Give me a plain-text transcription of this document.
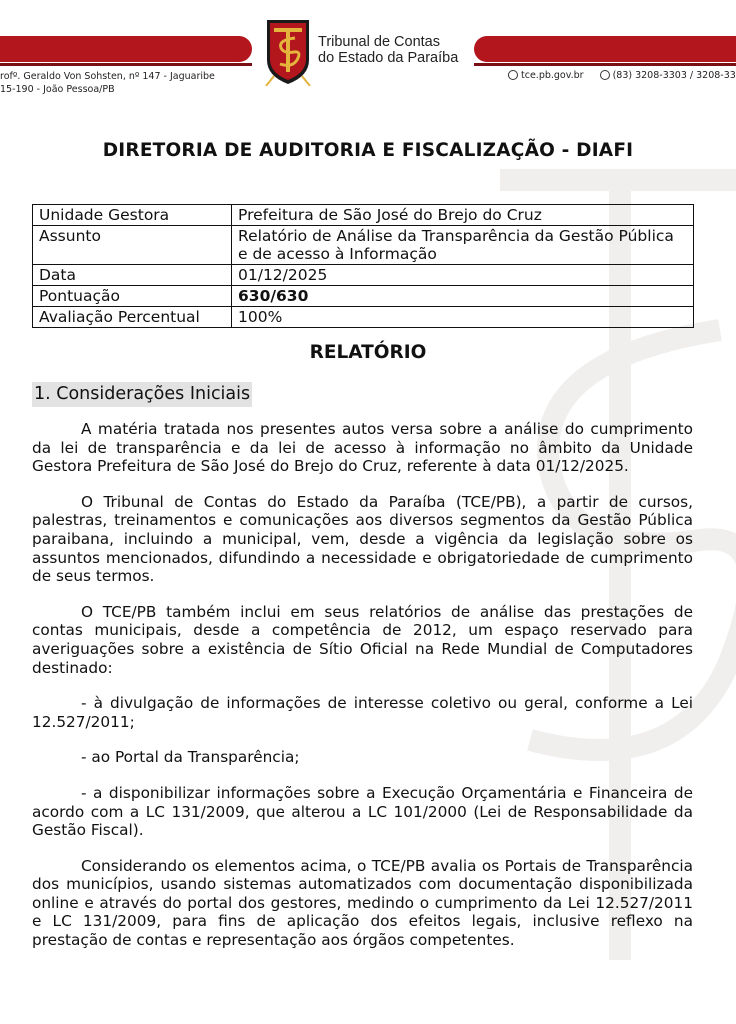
Tribunal de Contas
do Estado da Paraíba
rofº. Geraldo Von Sohsten, nº 147 - Jaguaribe
15-190 - João Pessoa/PB
tce.pb.gov.br	(83) 3208-3303 / 3208-33
DIRETORIA DE AUDITORIA E FISCALIZAÇÃO - DIAFI
Unidade Gestora	Prefeitura de São José do Brejo do Cruz
Assunto	Relatório de Análise da Transparência da Gestão Pública e de acesso à Informação
Data	01/12/2025
Pontuação	630/630
Avaliação Percentual	100%
RELATÓRIO
1. Considerações Iniciais

A matéria tratada nos presentes autos versa sobre a análise do cumprimento da lei de transparência e da lei de acesso à informação no âmbito da Unidade Gestora Prefeitura de São José do Brejo do Cruz, referente à data 01/12/2025.

O Tribunal de Contas do Estado da Paraíba (TCE/PB), a partir de cursos, palestras, treinamentos e comunicações aos diversos segmentos da Gestão Pública paraibana, incluindo a municipal, vem, desde a vigência da legislação sobre os assuntos mencionados, difundindo a necessidade e obrigatoriedade de cumprimento de seus termos.

O TCE/PB também inclui em seus relatórios de análise das prestações de contas municipais, desde a competência de 2012, um espaço reservado para averiguações sobre a existência de Sítio Oficial na Rede Mundial de Computadores destinado:

- à divulgação de informações de interesse coletivo ou geral, conforme a Lei 12.527/2011;

- ao Portal da Transparência;

- a disponibilizar informações sobre a Execução Orçamentária e Financeira de acordo com a LC 131/2009, que alterou a LC 101/2000 (Lei de Responsabilidade da Gestão Fiscal).

Considerando os elementos acima, o TCE/PB avalia os Portais de Transparência dos municípios, usando sistemas automatizados com documentação disponibilizada online e através do portal dos gestores, medindo o cumprimento da Lei 12.527/2011 e LC 131/2009, para fins de aplicação dos efeitos legais, inclusive reflexo na prestação de contas e representação aos órgãos competentes.
